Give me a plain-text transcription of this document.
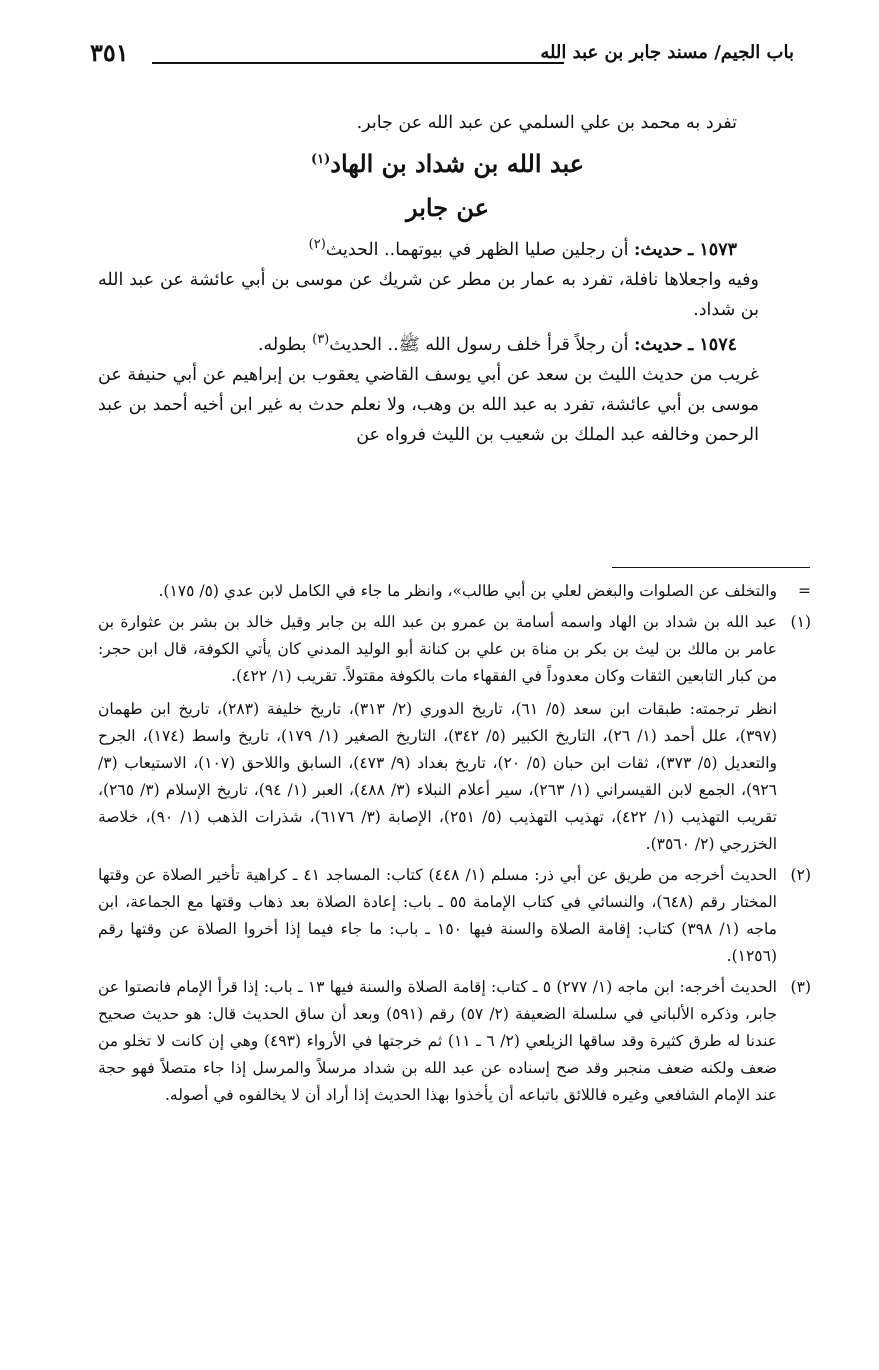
باب الجيم/ مسند جابر بن عبد الله
٣٥١

تفرد به محمد بن علي السلمي عن عبد الله عن جابر.

عبد الله بن شداد بن الهاد$^{(١)}$
عن جابر

١٥٧٣ ـ حديث: أن رجلين صليا الظهر في بيوتهما.. الحديث$^{(٢)}$

وفيه واجعلاها نافلة، تفرد به عمار بن مطر عن شريك عن موسى بن أبي عائشة عن عبد الله بن شداد.

١٥٧٤ ـ حديث: أن رجلاً قرأ خلف رسول الله ﷺ.. الحديث$^{(٣)}$ بطوله.

غريب من حديث الليث بن سعد عن أبي يوسف القاضي يعقوب بن إبراهيم عن أبي حنيفة عن موسى بن أبي عائشة، تفرد به عبد الله بن وهب، ولا نعلم حدث به غير ابن أخيه أحمد بن عبد الرحمن وخالفه عبد الملك بن شعيب بن الليث فرواه عن

=
والتخلف عن الصلوات والبغض لعلي بن أبي طالب»، وانظر ما جاء في الكامل لابن عدي (٥/ ١٧٥).
(١)
عبد الله بن شداد بن الهاد واسمه أسامة بن عمرو بن عبد الله بن جابر وقيل خالد بن بشر بن عثوارة بن عامر بن مالك بن ليث بن بكر بن مناة بن علي بن كنانة أبو الوليد المدني كان يأتي الكوفة، قال ابن حجر: من كبار التابعين الثقات وكان معدوداً في الفقهاء مات بالكوفة مقتولاً. تقريب (١/ ٤٢٢).
انظر ترجمته: طبقات ابن سعد (٥/ ٦١)، تاريخ الدوري (٢/ ٣١٣)، تاريخ خليفة (٢٨٣)، تاريخ ابن طهمان (٣٩٧)، علل أحمد (١/ ٢٦)، التاريخ الكبير (٥/ ٣٤٢)، التاريخ الصغير (١/ ١٧٩)، تاريخ واسط (١٧٤)، الجرح والتعديل (٥/ ٣٧٣)، ثقات ابن حبان (٥/ ٢٠)، تاريخ بغداد (٩/ ٤٧٣)، السابق واللاحق (١٠٧)، الاستيعاب (٣/ ٩٢٦)، الجمع لابن القيسراني (١/ ٢٦٣)، سير أعلام النبلاء (٣/ ٤٨٨)، العبر (١/ ٩٤)، تاريخ الإسلام (٣/ ٢٦٥)، تقريب التهذيب (١/ ٤٢٢)، تهذيب التهذيب (٥/ ٢٥١)، الإصابة (٣/ ٦١٧٦)، شذرات الذهب (١/ ٩٠)، خلاصة الخزرجي (٢/ ٣٥٦٠).
(٢)
الحديث أخرجه من طريق عن أبي ذر: مسلم (١/ ٤٤٨) كتاب: المساجد ٤١ ـ كراهية تأخير الصلاة عن وقتها المختار رقم (٦٤٨)، والنسائي في كتاب الإمامة ٥٥ ـ باب: إعادة الصلاة بعد ذهاب وقتها مع الجماعة، ابن ماجه (١/ ٣٩٨) كتاب: إقامة الصلاة والسنة فيها ١٥٠ ـ باب: ما جاء فيما إذا أخروا الصلاة عن وقتها رقم (١٢٥٦).
(٣)
الحديث أخرجه: ابن ماجه (١/ ٢٧٧) ٥ ـ كتاب: إقامة الصلاة والسنة فيها ١٣ ـ باب: إذا قرأ الإمام فانصتوا عن جابر، وذكره الألباني في سلسلة الضعيفة (٢/ ٥٧) رقم (٥٩١) وبعد أن ساق الحديث قال: هو حديث صحيح عندنا له طرق كثيرة وقد ساقها الزيلعي (٢/ ٦ ـ ١١) ثم خرجتها في الأرواء (٤٩٣) وهي إن كانت لا تخلو من ضعف ولكنه ضعف منجبر وقد صح إسناده عن عبد الله بن شداد مرسلاً والمرسل إذا جاء متصلاً فهو حجة عند الإمام الشافعي وغيره فاللائق باتباعه أن يأخذوا بهذا الحديث إذا أراد أن لا يخالفوه في أصوله.
